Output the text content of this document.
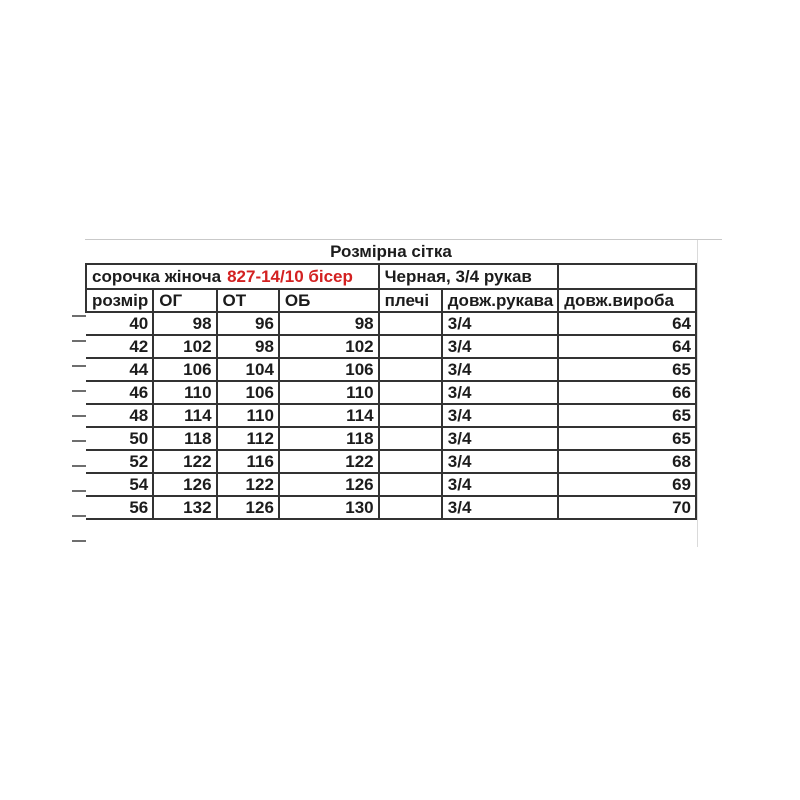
Розмірна сітка
сорочка жіноча 827-14/10 бісер				Черная, 3/4 рукав		
розмір	ОГ	ОТ	ОБ	плечі	довж.рукава	довж.вироба
40	98	96	98		3/4	64
42	102	98	102		3/4	64
44	106	104	106		3/4	65
46	110	106	110		3/4	66
48	114	110	114		3/4	65
50	118	112	118		3/4	65
52	122	116	122		3/4	68
54	126	122	126		3/4	69
56	132	126	130		3/4	70
